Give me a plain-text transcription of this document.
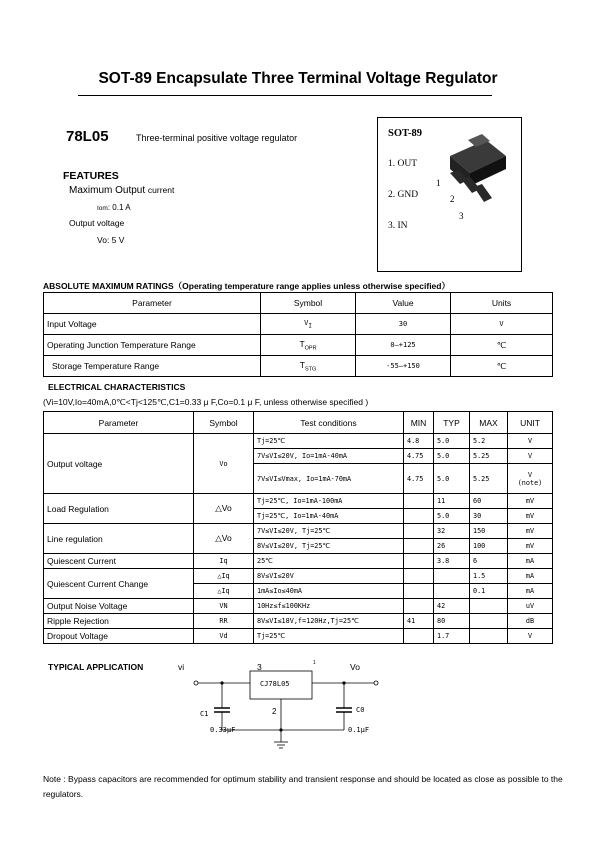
SOT-89 Encapsulate Three Terminal Voltage Regulator
78L05	Three-terminal positive voltage regulator
FEATURES
Maximum Output current
Iom: 0.1 A
Output voltage
Vo: 5 V
SOT-89
1. OUT
2. GND
3. IN
1
2
3
ABSOLUTE MAXIMUM RATINGS（Operating temperature range applies unless otherwise specified）
Parameter	Symbol	Value	Units
Input Voltage	$V_I$	30	V
Operating Junction Temperature Range	$T_{OPR}$	0—+125	℃
Storage Temperature Range	$T_{STG}$	-55—+150	℃
ELECTRICAL CHARACTERISTICS
(Vi=10V,Io=40mA,0℃<Tj<125℃,C1=0.33 μ F,Co=0.1 μ F, unless otherwise specified )
Parameter	Symbol	Test conditions	MIN	TYP	MAX	UNIT
Output voltage	Vo	Tj=25℃	4.8	5.0	5.2	V
		7V≤VI≤20V, Io=1mA-40mA	4.75	5.0	5.25	V
		7V≤VI≤Vmax, Io=1mA-70mA	4.75	5.0	5.25	V
(note)

Load Regulation	△Vo	Tj=25℃, Io=1mA-100mA		11	60	mV
		Tj=25℃, Io=1mA-40mA		5.0	30	mV
Line regulation	△Vo	7V≤VI≤20V, Tj=25℃		32	150	mV
		8V≤VI≤20V, Tj=25℃		26	100	mV
Quiescent Current	Iq	25℃		3.8	6	mA
Quiescent Current Change	△Iq	8V≤VI≤20V			1.5	mA
	△Iq	1mA≤Io≤40mA			0.1	mA
Output Noise Voltage	VN	10Hz≤f≤100KHz		42		uV
Ripple Rejection	RR	8V≤VI≤18V,f=120Hz,Tj=25℃	41	80		dB
Dropout Voltage	Vd	Tj=25℃		1.7		V
TYPICAL APPLICATION	vi	3	1	Vo
CJ78L05
2
C1	C0
0.33μF	0.1μF
Note : Bypass capacitors are recommended for optimum stability and transient response and should be located as close as possible to the regulators.
